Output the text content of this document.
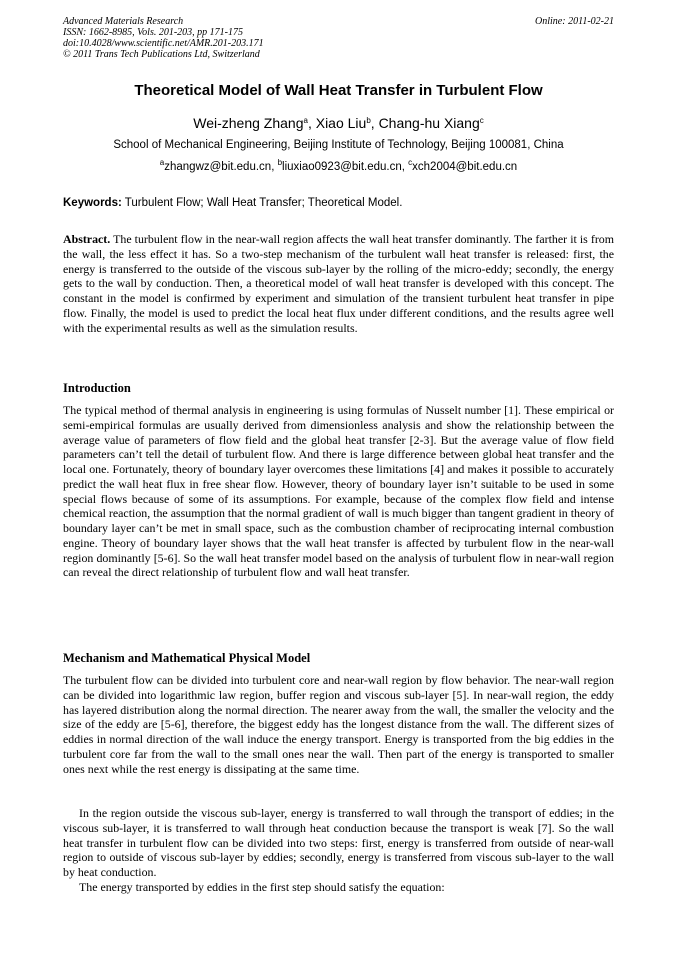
Advanced Materials Research
ISSN: 1662-8985, Vols. 201-203, pp 171-175
doi:10.4028/www.scientific.net/AMR.201-203.171
© 2011 Trans Tech Publications Ltd, Switzerland
Online: 2011-02-21
Theoretical Model of Wall Heat Transfer in Turbulent Flow
Wei-zheng Zhang$^a$, Xiao Liu$^b$, Chang-hu Xiang$^c$
School of Mechanical Engineering, Beijing Institute of Technology, Beijing 100081, China
$^a$zhangwz@bit.edu.cn, $^b$liuxiao0923@bit.edu.cn, $^c$xch2004@bit.edu.cn
Keywords: Turbulent Flow; Wall Heat Transfer; Theoretical Model.
Abstract. The turbulent flow in the near-wall region affects the wall heat transfer dominantly. The farther it is from the wall, the less effect it has. So a two-step mechanism of the turbulent wall heat transfer is released: first, the energy is transferred to the outside of the viscous sub-layer by the rolling of the micro-eddy; secondly, the energy gets to the wall by conduction. Then, a theoretical model of wall heat transfer is developed with this concept. The constant in the model is confirmed by experiment and simulation of the transient turbulent heat transfer in pipe flow. Finally, the model is used to predict the local heat flux under different conditions, and the results agree well with the experimental results as well as the simulation results.
Introduction
The typical method of thermal analysis in engineering is using formulas of Nusselt number [1]. These empirical or semi-empirical formulas are usually derived from dimensionless analysis and show the relationship between the average value of parameters of flow field and the global heat transfer [2-3]. But the average value of flow field parameters can’t tell the detail of turbulent flow. And there is large difference between global heat transfer and the local one. Fortunately, theory of boundary layer overcomes these limitations [4] and makes it possible to accurately predict the wall heat flux in free shear flow. However, theory of boundary layer isn’t suitable to be used in some special flows because of some of its assumptions. For example, because of the complex flow field and intense chemical reaction, the assumption that the normal gradient of wall is much bigger than tangent gradient in theory of boundary layer can’t be met in small space, such as the combustion chamber of reciprocating internal combustion engine. Theory of boundary layer shows that the wall heat transfer is affected by turbulent flow in the near-wall region dominantly [5-6]. So the wall heat transfer model based on the analysis of turbulent flow in near-wall region can reveal the direct relationship of turbulent flow and wall heat transfer.
Mechanism and Mathematical Physical Model
The turbulent flow can be divided into turbulent core and near-wall region by flow behavior. The near-wall region can be divided into logarithmic law region, buffer region and viscous sub-layer [5]. In near-wall region, the eddy has layered distribution along the normal direction. The nearer away from the wall, the smaller the velocity and the size of the eddy are [5-6], therefore, the biggest eddy has the longest distance from the wall. The different sizes of eddies in normal direction of the wall induce the energy transport. Energy is transported from the big eddies in the turbulent core far from the wall to the small ones near the wall. Then part of the energy is transported to smaller ones next while the rest energy is dissipating at the same time.
In the region outside the viscous sub-layer, energy is transferred to wall through the transport of eddies; in the viscous sub-layer, it is transferred to wall through heat conduction because the transport is weak [7]. So the wall heat transfer in turbulent flow can be divided into two steps: first, energy is transferred from outside of near-wall region to outside of viscous sub-layer by eddies; secondly, energy is transferred from viscous sub-layer to the wall by heat conduction.
The energy transported by eddies in the first step should satisfy the equation:
